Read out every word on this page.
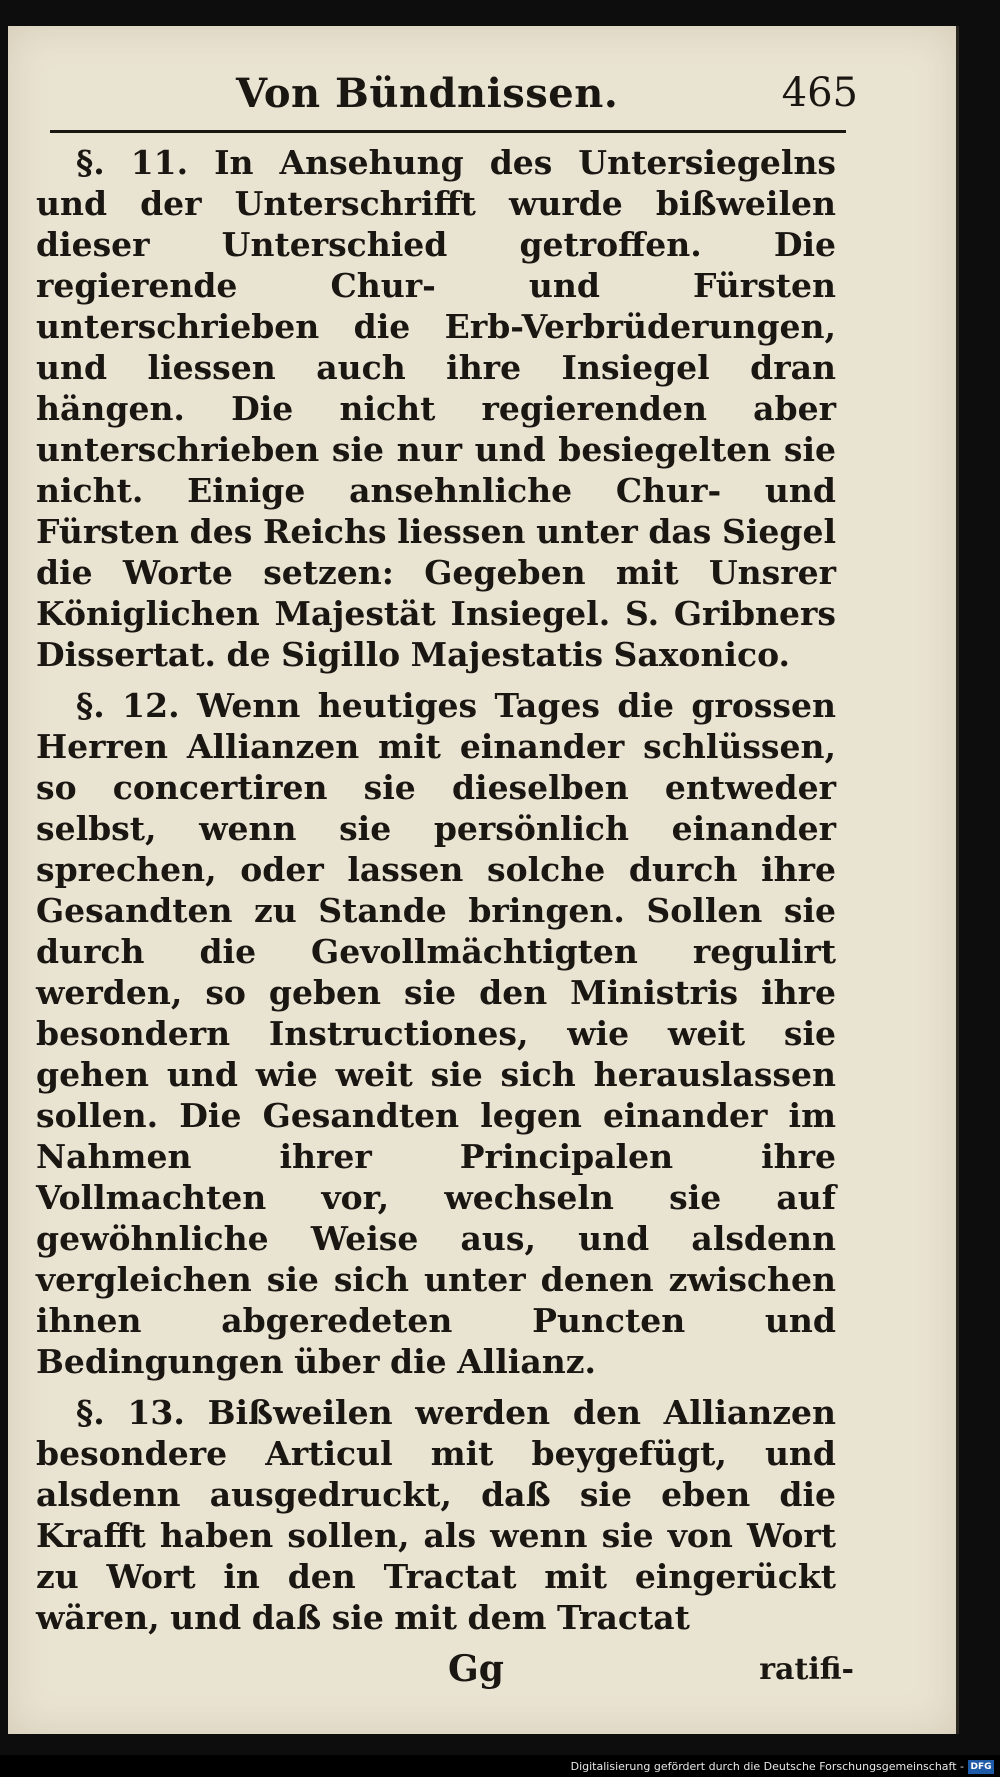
Von Bündnissen.	465

§. 11. In Ansehung des Untersiegelns und der Unterschrifft wurde bißweilen dieser Unterschied getroffen. Die regierende Chur- und Fürsten unterschrieben die Erb-Verbrüderungen, und liessen auch ihre Insiegel dran hängen. Die nicht regierenden aber unterschrieben sie nur und besiegelten sie nicht. Einige ansehnliche Chur- und Fürsten des Reichs liessen unter das Siegel die Worte setzen: Gegeben mit Unsrer Königlichen Majestät Insiegel. S. Gribners Dissertat. de Sigillo Majestatis Saxonico.

§. 12. Wenn heutiges Tages die grossen Herren Allianzen mit einander schlüssen, so concertiren sie dieselben entweder selbst, wenn sie persönlich einander sprechen, oder lassen solche durch ihre Gesandten zu Stande bringen. Sollen sie durch die Gevollmächtigten regulirt werden, so geben sie den Ministris ihre besondern Instructiones, wie weit sie gehen und wie weit sie sich herauslassen sollen. Die Gesandten legen einander im Nahmen ihrer Principalen ihre Vollmachten vor, wechseln sie auf gewöhnliche Weise aus, und alsdenn vergleichen sie sich unter denen zwischen ihnen abgeredeten Puncten und Bedingungen über die Allianz.

§. 13. Bißweilen werden den Allianzen besondere Articul mit beygefügt, und alsdenn ausgedruckt, daß sie eben die Krafft haben sollen, als wenn sie von Wort zu Wort in den Tractat mit eingerückt wären, und daß sie mit dem Tractat

Gg	ratifi-
Digitalisierung gefördert durch die Deutsche Forschungsgemeinschaft - DFG
